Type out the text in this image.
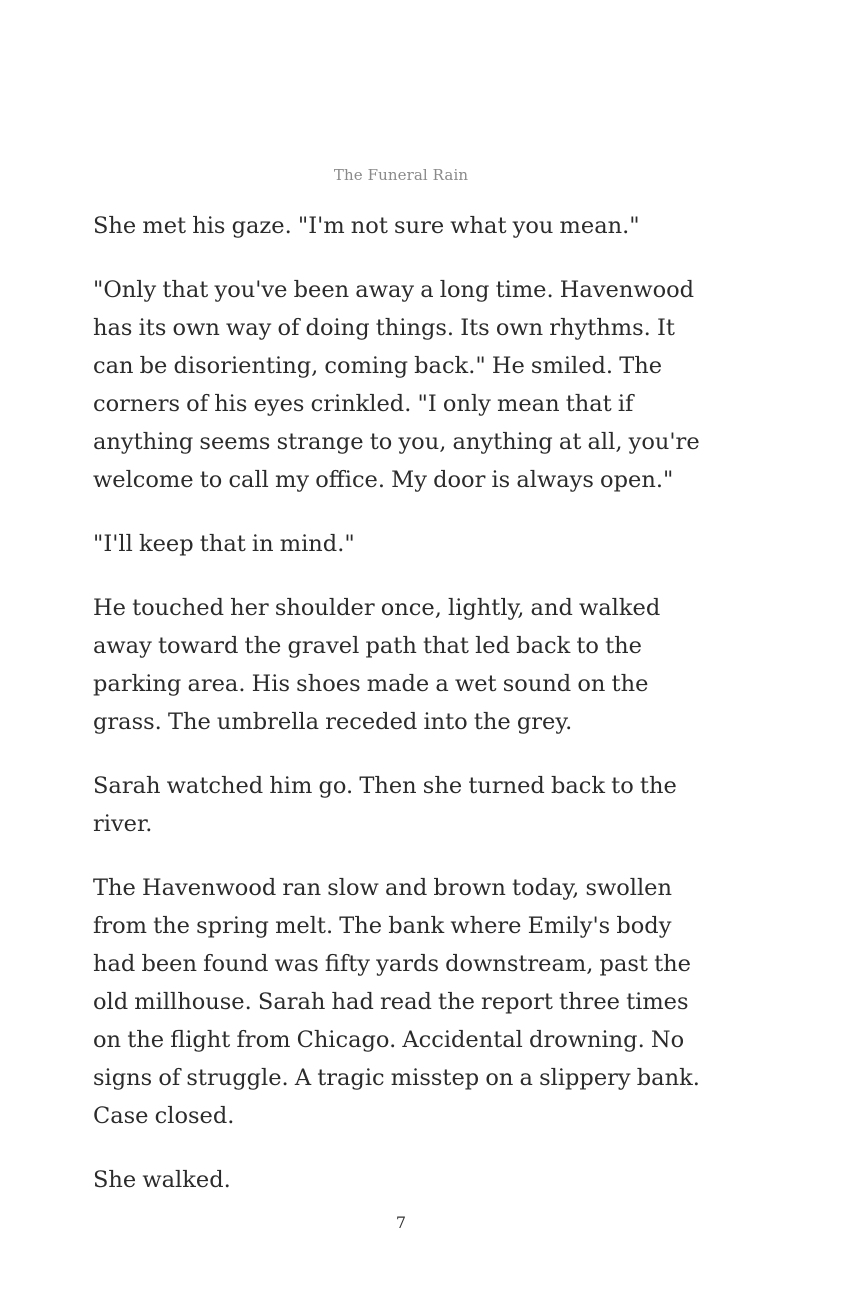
The Funeral Rain

She met his gaze. "I'm not sure what you mean."

"Only that you've been away a long time. Havenwood has its own way of doing things. Its own rhythms. It can be disorienting, coming back." He smiled. The corners of his eyes crinkled. "I only mean that if anything seems strange to you, anything at all, you're welcome to call my office. My door is always open."

"I'll keep that in mind."

He touched her shoulder once, lightly, and walked away toward the gravel path that led back to the parking area. His shoes made a wet sound on the grass. The umbrella receded into the grey.

Sarah watched him go. Then she turned back to the river.

The Havenwood ran slow and brown today, swollen from the spring melt. The bank where Emily's body had been found was fifty yards downstream, past the old millhouse. Sarah had read the report three times on the flight from Chicago. Accidental drowning. No signs of struggle. A tragic misstep on a slippery bank. Case closed.

She walked.

7
